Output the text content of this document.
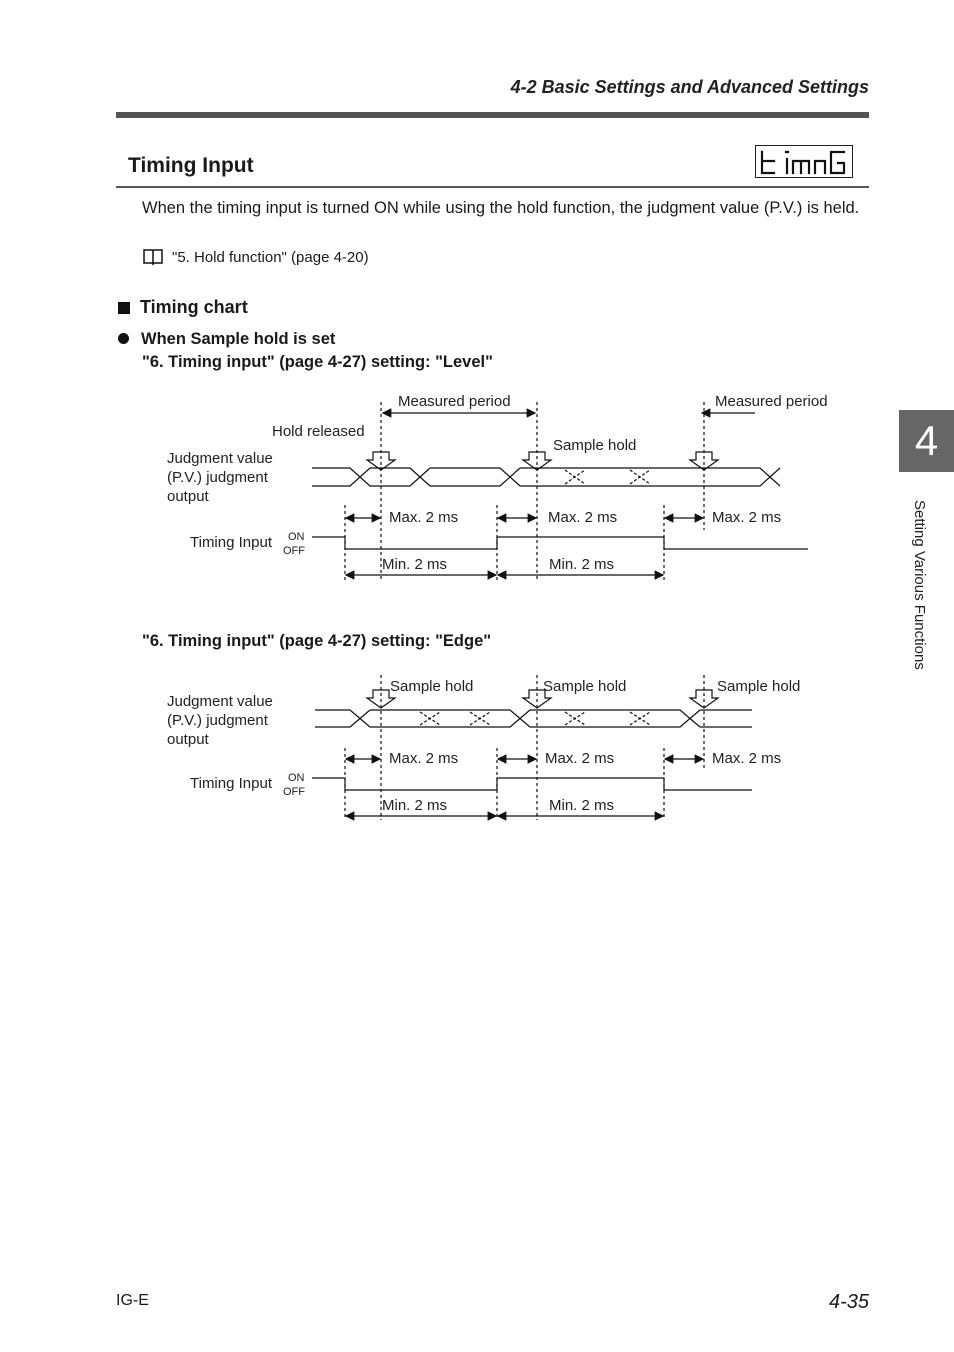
4-2 Basic Settings and Advanced Settings
Timing Input
When the timing input is turned ON while using the hold function, the judgment value (P.V.) is held.
"5. Hold function" (page 4-20)
Timing chart
When Sample hold is set
"6. Timing input" (page 4-27) setting: "Level"
Measured period	Measured period
Hold released
Sample hold
Judgment value
(P.V.) judgment
output
Max. 2 ms	Max. 2 ms	Max. 2 ms
Timing Input ON
OFF
Min. 2 ms	Min. 2 ms
"6. Timing input" (page 4-27) setting: "Edge"
Sample hold	Sample hold	Sample hold
Judgment value
(P.V.) judgment
output
Max. 2 ms	Max. 2 ms	Max. 2 ms
Timing Input ON
OFF
Min. 2 ms	Min. 2 ms
4
Setting Various Functions
IG-E	4-35
